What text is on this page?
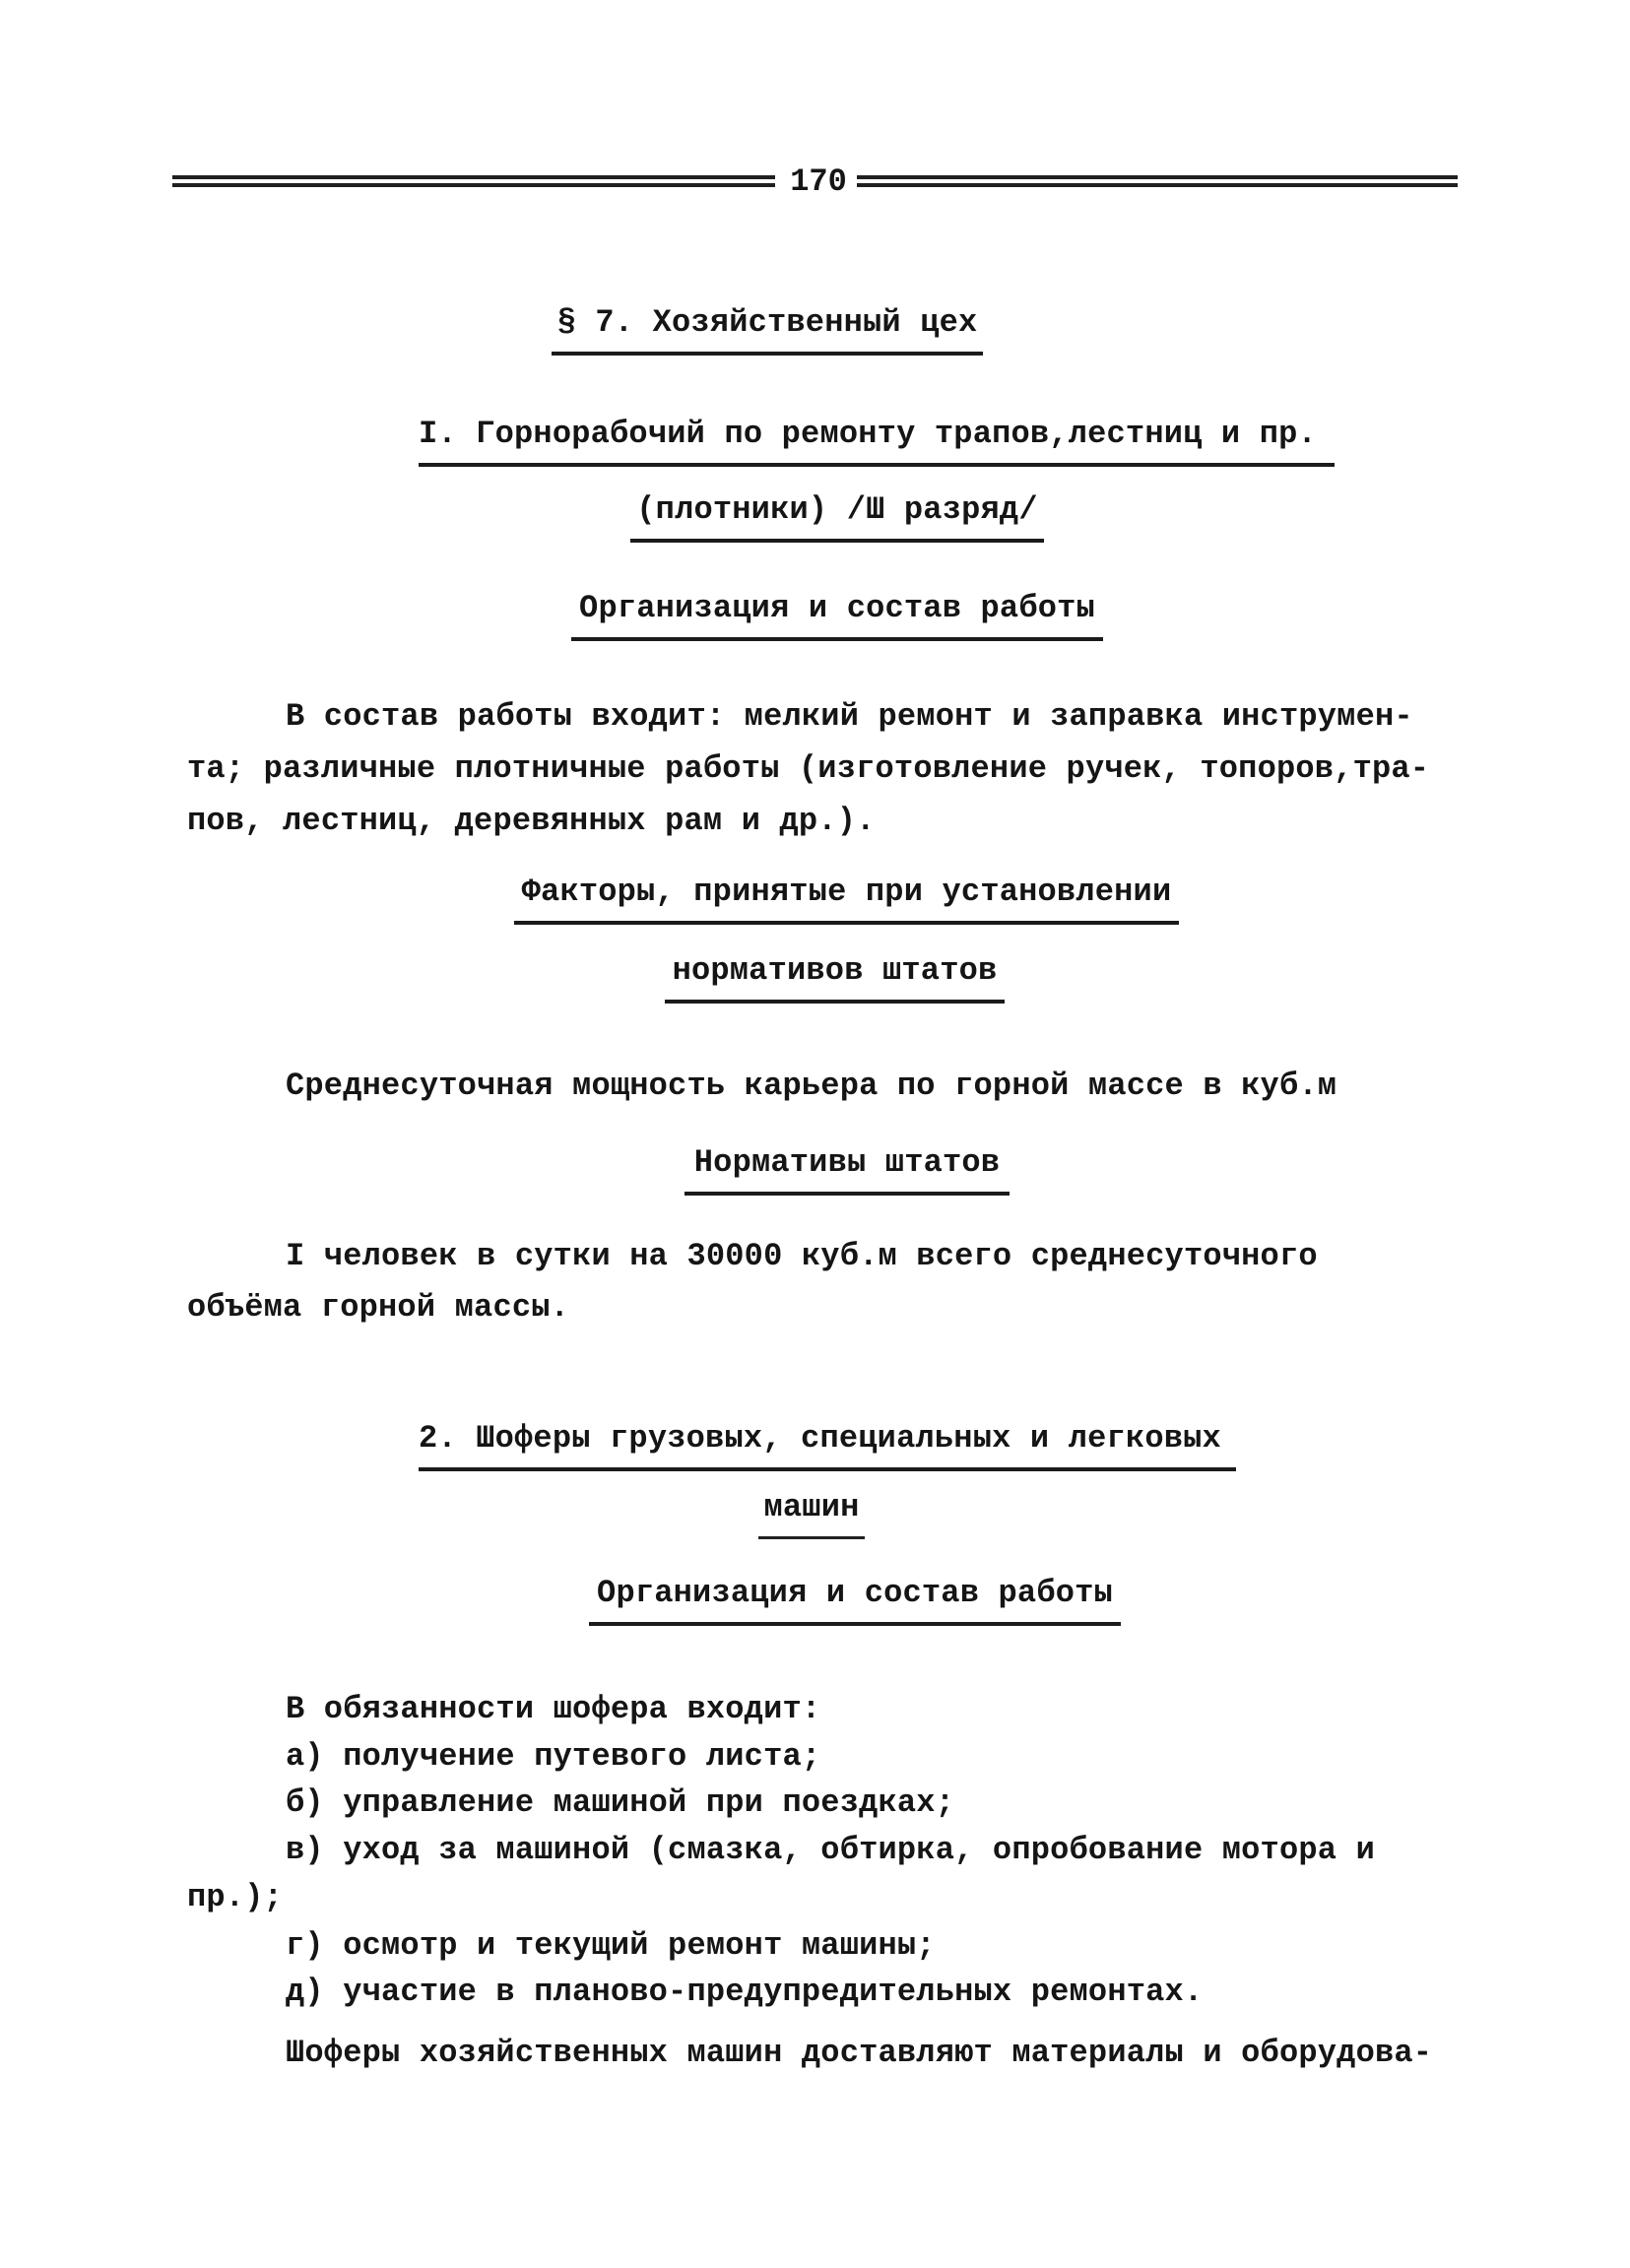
170
§ 7. Хозяйственный цех
I. Горнорабочий по ремонту трапов,лестниц и пр.
(плотники) /Ш разряд/
Организация и состав работы
В состав работы входит: мелкий ремонт и заправка инструмен-
та; различные плотничные работы (изготовление ручек, топоров,тра-
пов, лестниц, деревянных рам и др.).
Факторы, принятые при установлении
нормативов штатов
Среднесуточная мощность карьера по горной массе в куб.м
Нормативы штатов
I человек в сутки на 30000 куб.м всего среднесуточного
объёма горной массы.
2. Шоферы грузовых, специальных и легковых
машин
Организация и состав работы
В обязанности шофера входит:
а) получение путевого листа;
б) управление машиной при поездках;
в) уход за машиной (смазка, обтирка, опробование мотора и
пр.);
г) осмотр и текущий ремонт машины;
д) участие в планово-предупредительных ремонтах.
Шоферы хозяйственных машин доставляют материалы и оборудова-
